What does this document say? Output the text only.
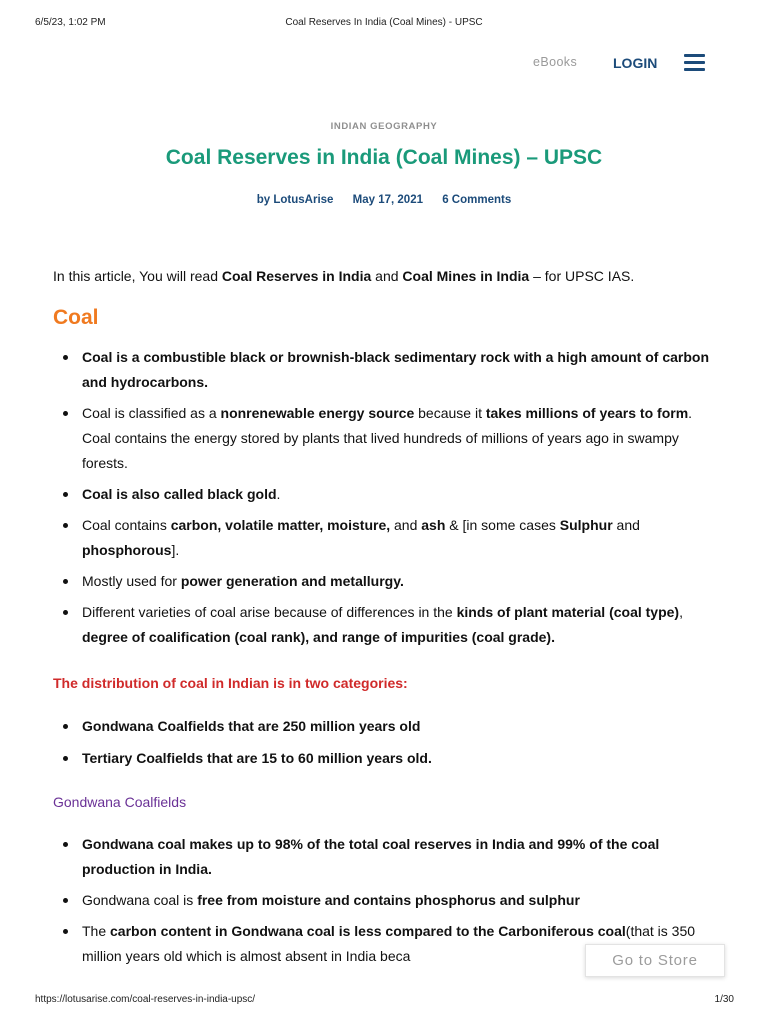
6/5/23, 1:02 PM	Coal Reserves In India (Coal Mines) - UPSC
eBooks	LOGIN
INDIAN GEOGRAPHY
Coal Reserves in India (Coal Mines) – UPSC
by LotusArise May 17, 2021 6 Comments

In this article, You will read Coal Reserves in India and Coal Mines in India – for UPSC IAS.

Coal
Coal is a combustible black or brownish-black sedimentary rock with a high amount of carbon and hydrocarbons.
Coal is classified as a nonrenewable energy source because it takes millions of years to form. Coal contains the energy stored by plants that lived hundreds of millions of years ago in swampy forests.
Coal is also called black gold.
Coal contains carbon, volatile matter, moisture, and ash & [in some cases Sulphur and phosphorous].
Mostly used for power generation and metallurgy.
Different varieties of coal arise because of differences in the kinds of plant material (coal type), degree of coalification (coal rank), and range of impurities (coal grade).
The distribution of coal in Indian is in two categories:
Gondwana Coalfields that are 250 million years old
Tertiary Coalfields that are 15 to 60 million years old.
Gondwana Coalfields
Gondwana coal makes up to 98% of the total coal reserves in India and 99% of the coal production in India.
Gondwana coal is free from moisture and contains phosphorus and sulphur
The carbon content in Gondwana coal is less compared to the Carboniferous coal(that is 350 million years old which is almost absent in India beca	Go to Store
https://lotusarise.com/coal-reserves-in-india-upsc/	1/30
